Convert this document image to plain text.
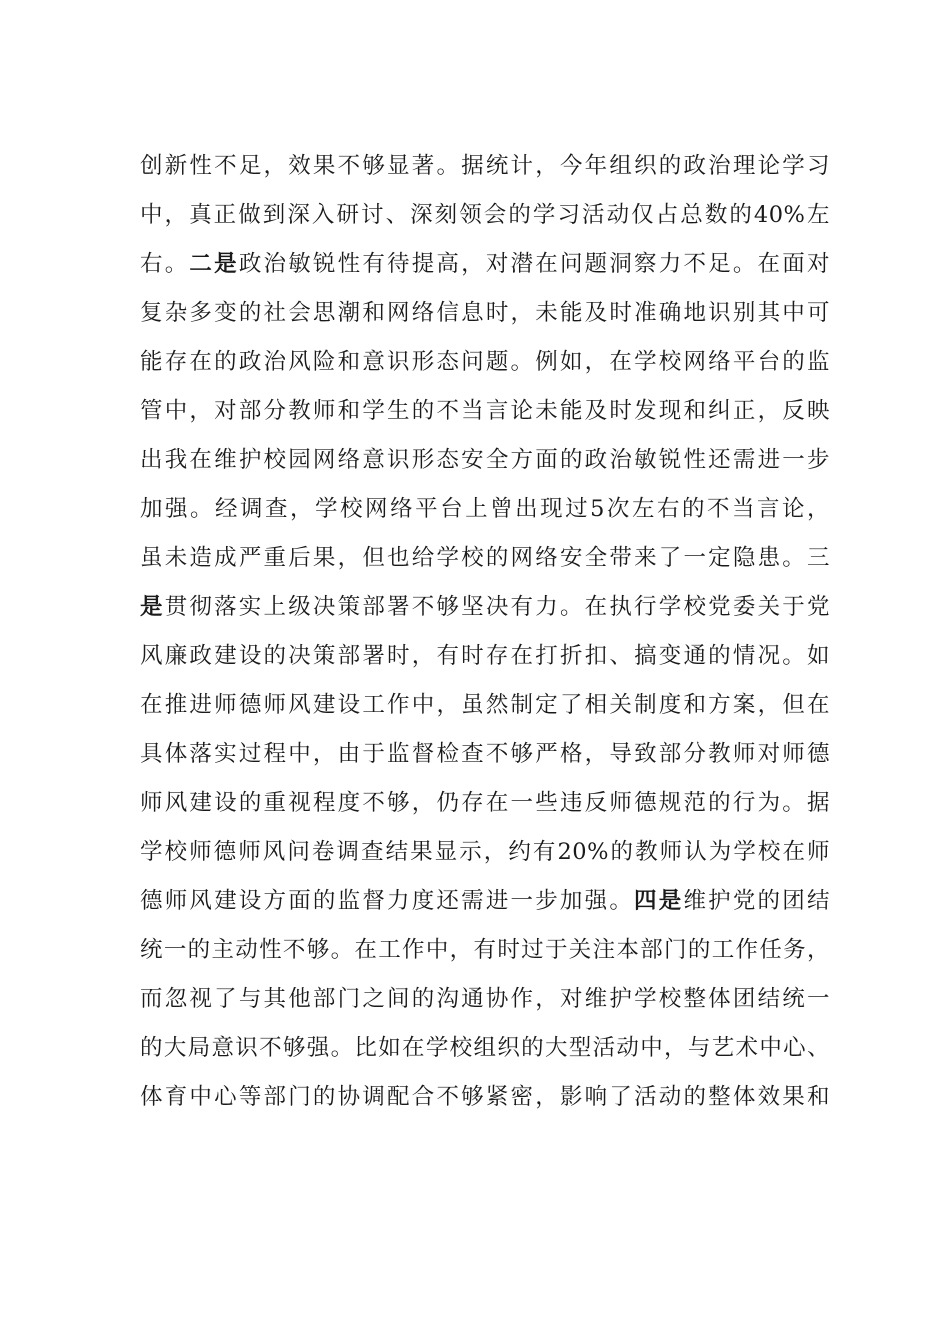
创新性不足，效果不够显著。据统计，今年组织的政治理论学习
中，真正做到深入研讨、深刻领会的学习活动仅占总数的40%左
右。二是政治敏锐性有待提高，对潜在问题洞察力不足。在面对
复杂多变的社会思潮和网络信息时，未能及时准确地识别其中可
能存在的政治风险和意识形态问题。例如，在学校网络平台的监
管中，对部分教师和学生的不当言论未能及时发现和纠正，反映
出我在维护校园网络意识形态安全方面的政治敏锐性还需进一步
加强。经调查，学校网络平台上曾出现过5次左右的不当言论，
虽未造成严重后果，但也给学校的网络安全带来了一定隐患。三
是贯彻落实上级决策部署不够坚决有力。在执行学校党委关于党
风廉政建设的决策部署时，有时存在打折扣、搞变通的情况。如
在推进师德师风建设工作中，虽然制定了相关制度和方案，但在
具体落实过程中，由于监督检查不够严格，导致部分教师对师德
师风建设的重视程度不够，仍存在一些违反师德规范的行为。据
学校师德师风问卷调查结果显示，约有20%的教师认为学校在师
德师风建设方面的监督力度还需进一步加强。四是维护党的团结
统一的主动性不够。在工作中，有时过于关注本部门的工作任务，
而忽视了与其他部门之间的沟通协作，对维护学校整体团结统一
的大局意识不够强。比如在学校组织的大型活动中，与艺术中心、
体育中心等部门的协调配合不够紧密，影响了活动的整体效果和
